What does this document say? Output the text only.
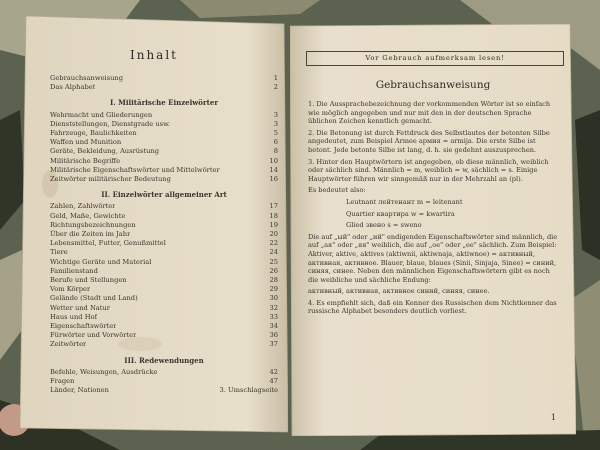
Inhalt
Gebrauchsanweisung	1
Das Alphabet	2
I. Militärische Einzelwörter
Wehrmacht und Gliederungen	3
Dienststellungen, Dienstgrade usw.	3
Fahrzeuge, Baulichkeiten	5
Waffen und Munition	6
Geräte, Bekleidung, Ausrüstung	8
Militärische Begriffe	10
Militärische Eigenschaftswörter und Mittelwörter	14
Zeitwörter militärischer Bedeutung	16
II. Einzelwörter allgemeiner Art
Zahlen, Zahlwörter	17
Geld, Maße, Gewichte	18
Richtungsbezeichnungen	19
Über die Zeiten im Jahr	20
Lebensmittel, Futter, Genußmittel	22
Tiere	24
Wichtige Geräte und Material	25
Familienstand	26
Berufe und Stellungen	28
Vom Körper	29
Gelände (Stadt und Land)	30
Wetter und Natur	32
Haus und Hof	33
Eigenschaftswörter	34
Fürwörter und Vorwörter	36
Zeitwörter	37
III. Redewendungen
Befehle, Weisungen, Ausdrücke	42
Fragen	47
Länder, Nationen	3. Umschlagseite
Vor Gebrauch aufmerksam lesen!
Gebrauchsanweisung

1. Die Aussprachebezeichnung der vorkommenden Wörter ist so einfach wie möglich angegeben und nur mit den in der deutschen Sprache üblichen Zeichen kenntlich gemacht.

2. Die Betonung ist durch Fettdruck des Selbstlautes der betonten Silbe angedeutet, zum Beispiel Armee армия = armija. Die erste Silbe ist betont. Jede betonte Silbe ist lang, d. h. sie gedehnt auszusprechen.

3. Hinter den Hauptwörtern ist angegeben, ob diese männlich, weiblich oder sächlich sind. Männlich = m, weiblich = w, sächlich = s. Einige Hauptwörter führen wir sinngemäß nur in der Mehrzahl an (pl).

Es bedeutet also:

Leutnant лейтенант m = leitenant

Quartier квартира w = kwartira

Glied звено s = sweno

Die auf „ый" oder „ий" endigenden Eigenschaftswörter sind männlich, die auf „ая" oder „яя" weiblich, die auf „ое" oder „ее" sächlich. Zum Beispiel: Aktiver, aktive, aktives (aktiwnii, aktiwnaja, aktiwnoe) = активный, активная, активное. Blauer, blaue, blaues (Sinii, Sinjaja, Sinee) = синий, синяя, синее. Neben den männlichen Eigenschaftswörtern gibt es noch die weibliche und sächliche Endung:

активный, активная, активное синий, синяя, синее.

4. Es empfiehlt sich, daß ein Kenner des Russischen dem Nichtkenner das russische Alphabet besonders deutlich vorliest.

1
